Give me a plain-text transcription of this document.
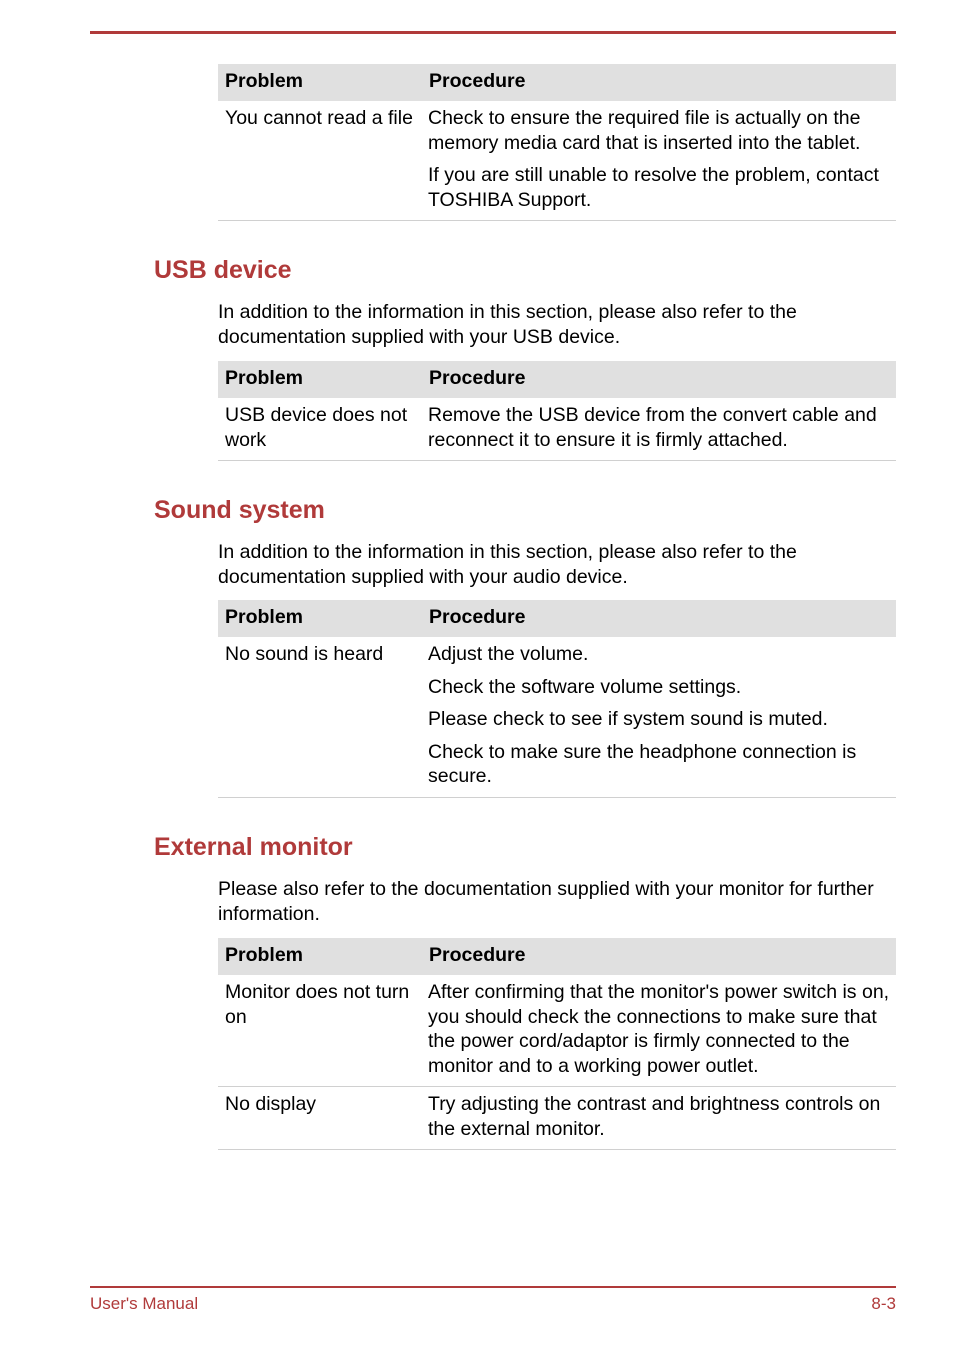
Problem	Procedure
You cannot read a file	Check to ensure the required file is actually on the memory media card that is inserted into the tablet.

If you are still unable to resolve the problem, contact TOSHIBA Support.

USB device

In addition to the information in this section, please also refer to the documentation supplied with your USB device.

Problem	Procedure
USB device does not work	Remove the USB device from the convert cable and reconnect it to ensure it is firmly attached.

Sound system

In addition to the information in this section, please also refer to the documentation supplied with your audio device.

Problem	Procedure
No sound is heard	Adjust the volume.

Check the software volume settings.

Please check to see if system sound is muted.

Check to make sure the headphone connection is secure.

External monitor

Please also refer to the documentation supplied with your monitor for further information.

Problem	Procedure
Monitor does not turn on	After confirming that the monitor's power switch is on, you should check the connections to make sure that the power cord/adaptor is firmly connected to the monitor and to a working power outlet.

No display	Try adjusting the contrast and brightness controls on the external monitor.

User's Manual	8-3
